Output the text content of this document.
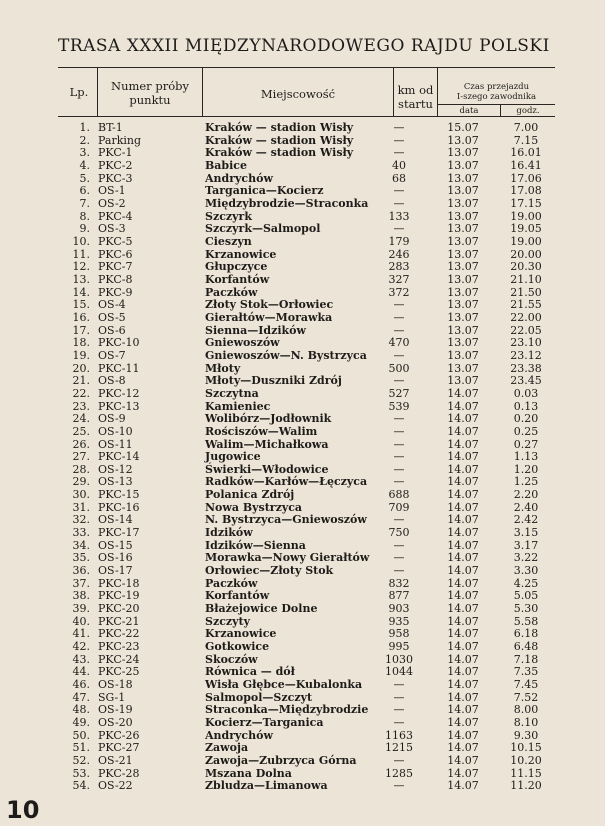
TRASA XXXII MIĘDZYNARODOWEGO RAJDU POLSKI
Lp.	Numer próby
punktu	Miejscowość	km od
startu
Czas przejazdu
I-szego zawodnika
data	godz.
1. BT-1	Kraków — stadion Wisły	—	15.07	7.00
2. Parking	Kraków — stadion Wisły	—	13.07	7.15
3. PKC-1	Kraków — stadion Wisły	—	13.07	16.01
4. PKC-2	Babice	40	13.07	16.41
5. PKC-3	Andrychów	68	13.07	17.06
6. OS-1	Targanica—Kocierz	—	13.07	17.08
7. OS-2	Międzybrodzie—Straconka	—	13.07	17.15
8. PKC-4	Szczyrk	133	13.07	19.00
9. OS-3	Szczyrk—Salmopol	—	13.07	19.05
10. PKC-5	Cieszyn	179	13.07	19.00
11. PKC-6	Krzanowice	246	13.07	20.00
12. PKC-7	Głupczyce	283	13.07	20.30
13. PKC-8	Korfantów	327	13.07	21.10
14. PKC-9	Paczków	372	13.07	21.50
15. OS-4	Złoty Stok—Orłowiec	—	13.07	21.55
16. OS-5	Gierałtów—Morawka	—	13.07	22.00
17. OS-6	Sienna—Idzików	—	13.07	22.05
18. PKC-10	Gniewoszów	470	13.07	23.10
19. OS-7	Gniewoszów—N. Bystrzyca	—	13.07	23.12
20. PKC-11	Młoty	500	13.07	23.38
21. OS-8	Młoty—Duszniki Zdrój	—	13.07	23.45
22. PKC-12	Szczytna	527	14.07	0.03
23. PKC-13	Kamieniec	539	14.07	0.13
24. OS-9	Wolibórz—Jodłownik	—	14.07	0.20
25. OS-10	Rościszów—Walim	—	14.07	0.25
26. OS-11	Walim—Michałkowa	—	14.07	0.27
27. PKC-14	Jugowice	—	14.07	1.13
28. OS-12	Świerki—Włodowice	—	14.07	1.20
29. OS-13	Radków—Karłów—Łęczyca	—	14.07	1.25
30. PKC-15	Polanica Zdrój	688	14.07	2.20
31. PKC-16	Nowa Bystrzyca	709	14.07	2.40
32. OS-14	N. Bystrzyca—Gniewoszów	—	14.07	2.42
33. PKC-17	Idzików	750	14.07	3.15
34. OS-15	Idzików—Sienna	—	14.07	3.17
35. OS-16	Morawka—Nowy Gierałtów	—	14.07	3.22
36. OS-17	Orłowiec—Złoty Stok	—	14.07	3.30
37. PKC-18	Paczków	832	14.07	4.25
38. PKC-19	Korfantów	877	14.07	5.05
39. PKC-20	Błażejowice Dolne	903	14.07	5.30
40. PKC-21	Szczyty	935	14.07	5.58
41. PKC-22	Krzanowice	958	14.07	6.18
42. PKC-23	Gotkowice	995	14.07	6.48
43. PKC-24	Skoczów	1030	14.07	7.18
44. PKC-25	Równica — dół	1044	14.07	7.35
46. OS-18	Wisła Głębce—Kubalonka	—	14.07	7.45
47. SG-1	Salmopol—Szczyt	—	14.07	7.52
48. OS-19	Straconka—Międzybrodzie	—	14.07	8.00
49. OS-20	Kocierz—Targanica	—	14.07	8.10
50. PKC-26	Andrychów	1163	14.07	9.30
51. PKC-27	Zawoja	1215	14.07	10.15
52. OS-21	Zawoja—Zubrzyca Górna	—	14.07	10.20
53. PKC-28	Mszana Dolna	1285	14.07	11.15
54. OS-22	Zbludza—Limanowa	—	14.07	11.20
10
